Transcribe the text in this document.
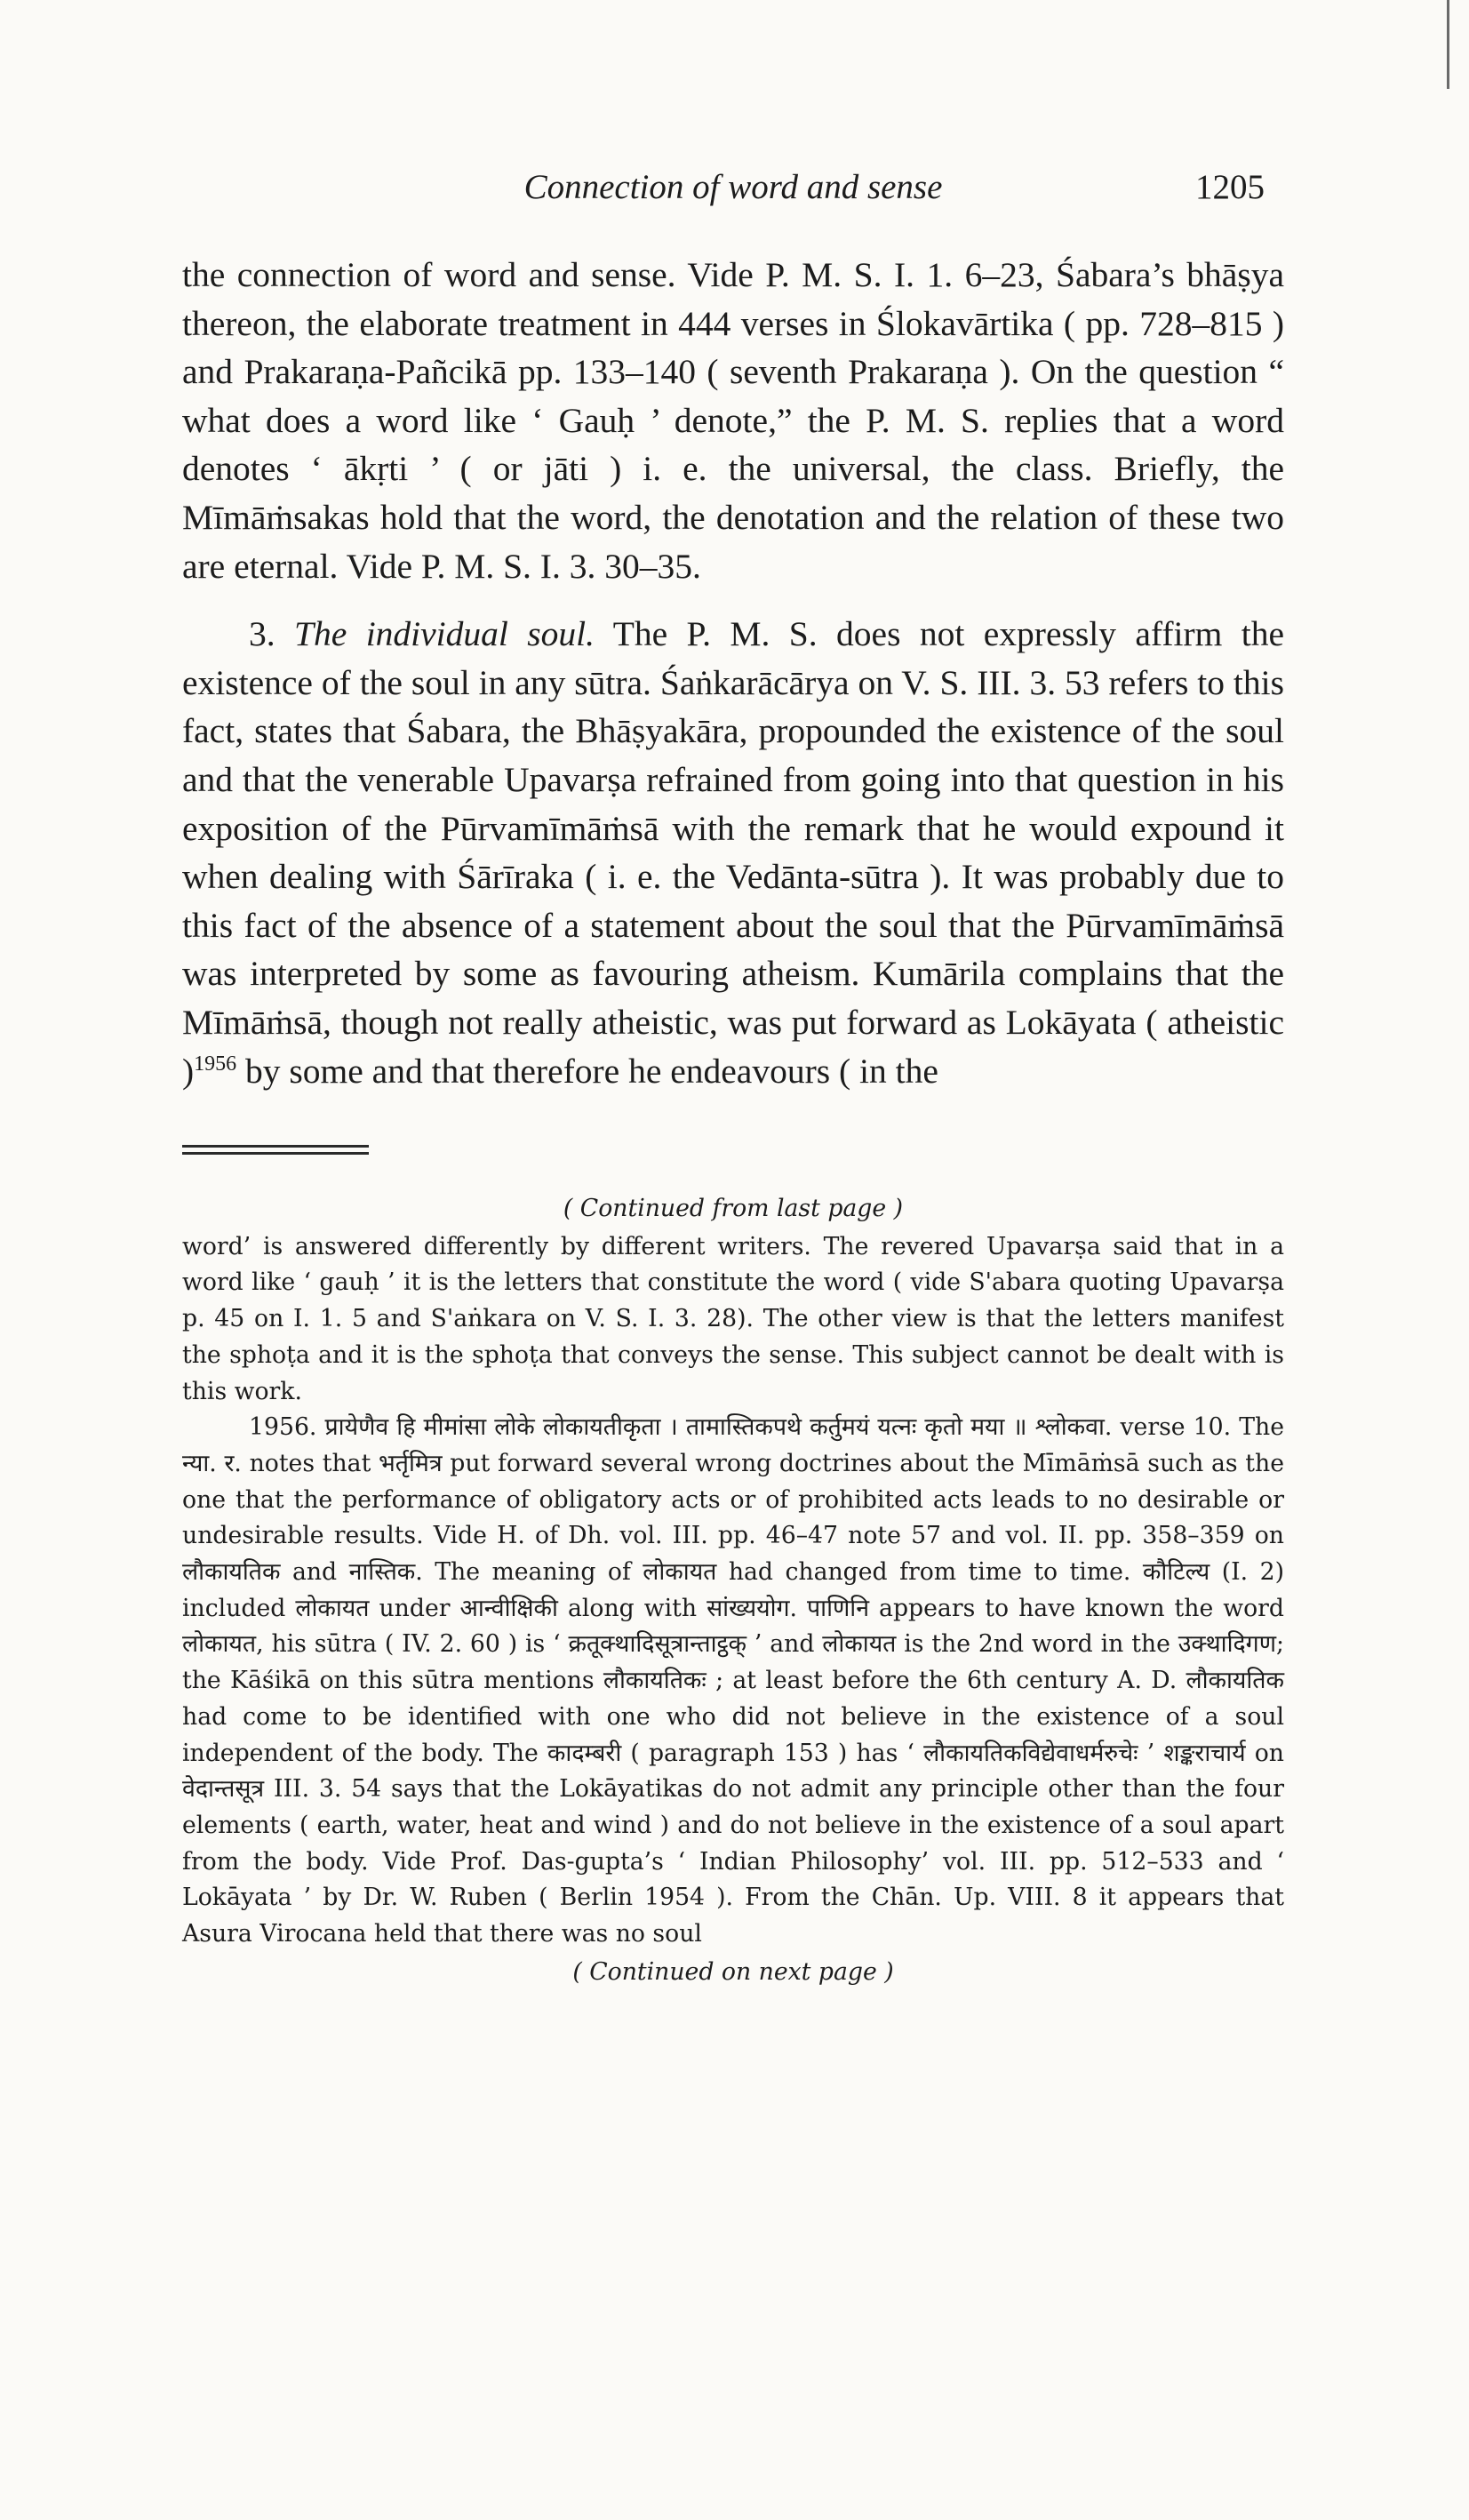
Connection of word and sense	1205

the connection of word and sense. Vide P. M. S. I. 1. 6–23, Śabara’s bhāṣya thereon, the elaborate treatment in 444 verses in Ślokavārtika ( pp. 728–815 ) and Prakaraṇa-Pañcikā pp. 133–140 ( seventh Prakaraṇa ). On the question “ what does a word like ‘ Gauḥ ’ denote,” the P. M. S. replies that a word denotes ‘ ākṛti ’ ( or jāti ) i. e. the universal, the class. Briefly, the Mīmāṁsakas hold that the word, the denotation and the relation of these two are eternal. Vide P. M. S. I. 3. 30–35.

3. The individual soul. The P. M. S. does not expressly affirm the existence of the soul in any sūtra. Śaṅkarācārya on V. S. III. 3. 53 refers to this fact, states that Śabara, the Bhāṣyakāra, propounded the existence of the soul and that the venerable Upavarṣa refrained from going into that question in his exposition of the Pūrvamīmāṁsā with the remark that he would expound it when dealing with Śārīraka ( i. e. the Vedānta-sūtra ). It was probably due to this fact of the absence of a statement about the soul that the Pūrvamīmāṁsā was interpreted by some as favouring atheism. Kumārila complains that the Mīmāṁsā, though not really atheistic, was put forward as Lokāyata ( atheistic )$^{1956}$ by some and that therefore he endeavours ( in the

( Continued from last page )

word’ is answered differently by different writers. The revered Upavarṣa said that in a word like ‘ gauḥ ’ it is the letters that constitute the word ( vide S'abara quoting Upavarṣa p. 45 on I. 1. 5 and S'aṅkara on V. S. I. 3. 28). The other view is that the letters manifest the sphoṭa and it is the sphoṭa that conveys the sense. This subject cannot be dealt with is this work.

1956. प्रायेणैव हि मीमांसा लोके लोकायतीकृता । तामास्तिकपथे कर्तुमयं यत्नः कृतो मया ॥ श्लोकवा. verse 10. The न्या. र. notes that भर्तृमित्र put forward several wrong doctrines about the Mīmāṁsā such as the one that the performance of obligatory acts or of prohibited acts leads to no desirable or undesirable results. Vide H. of Dh. vol. III. pp. 46–47 note 57 and vol. II. pp. 358–359 on लौकायतिक and नास्तिक. The meaning of लोकायत had changed from time to time. कौटिल्य (I. 2) included लोकायत under आन्वीक्षिकी along with सांख्ययोग. पाणिनि appears to have known the word लोकायत, his sūtra ( IV. 2. 60 ) is ‘ क्रतूक्थादिसूत्रान्ताट्ठक् ’ and लोकायत is the 2nd word in the उक्थादिगण; the Kāśikā on this sūtra mentions लौकायतिकः ; at least before the 6th century A. D. लौकायतिक had come to be identified with one who did not believe in the existence of a soul independent of the body. The कादम्बरी ( paragraph 153 ) has ‘ लौकायतिकविद्येवाधर्मरुचेः ’ शङ्कराचार्य on वेदान्तसूत्र III. 3. 54 says that the Lokāyatikas do not admit any principle other than the four elements ( earth, water, heat and wind ) and do not believe in the existence of a soul apart from the body. Vide Prof. Das-gupta’s ‘ Indian Philosophy’ vol. III. pp. 512–533 and ‘ Lokāyata ’ by Dr. W. Ruben ( Berlin 1954 ). From the Chān. Up. VIII. 8 it appears that Asura Virocana held that there was no soul

( Continued on next page )
